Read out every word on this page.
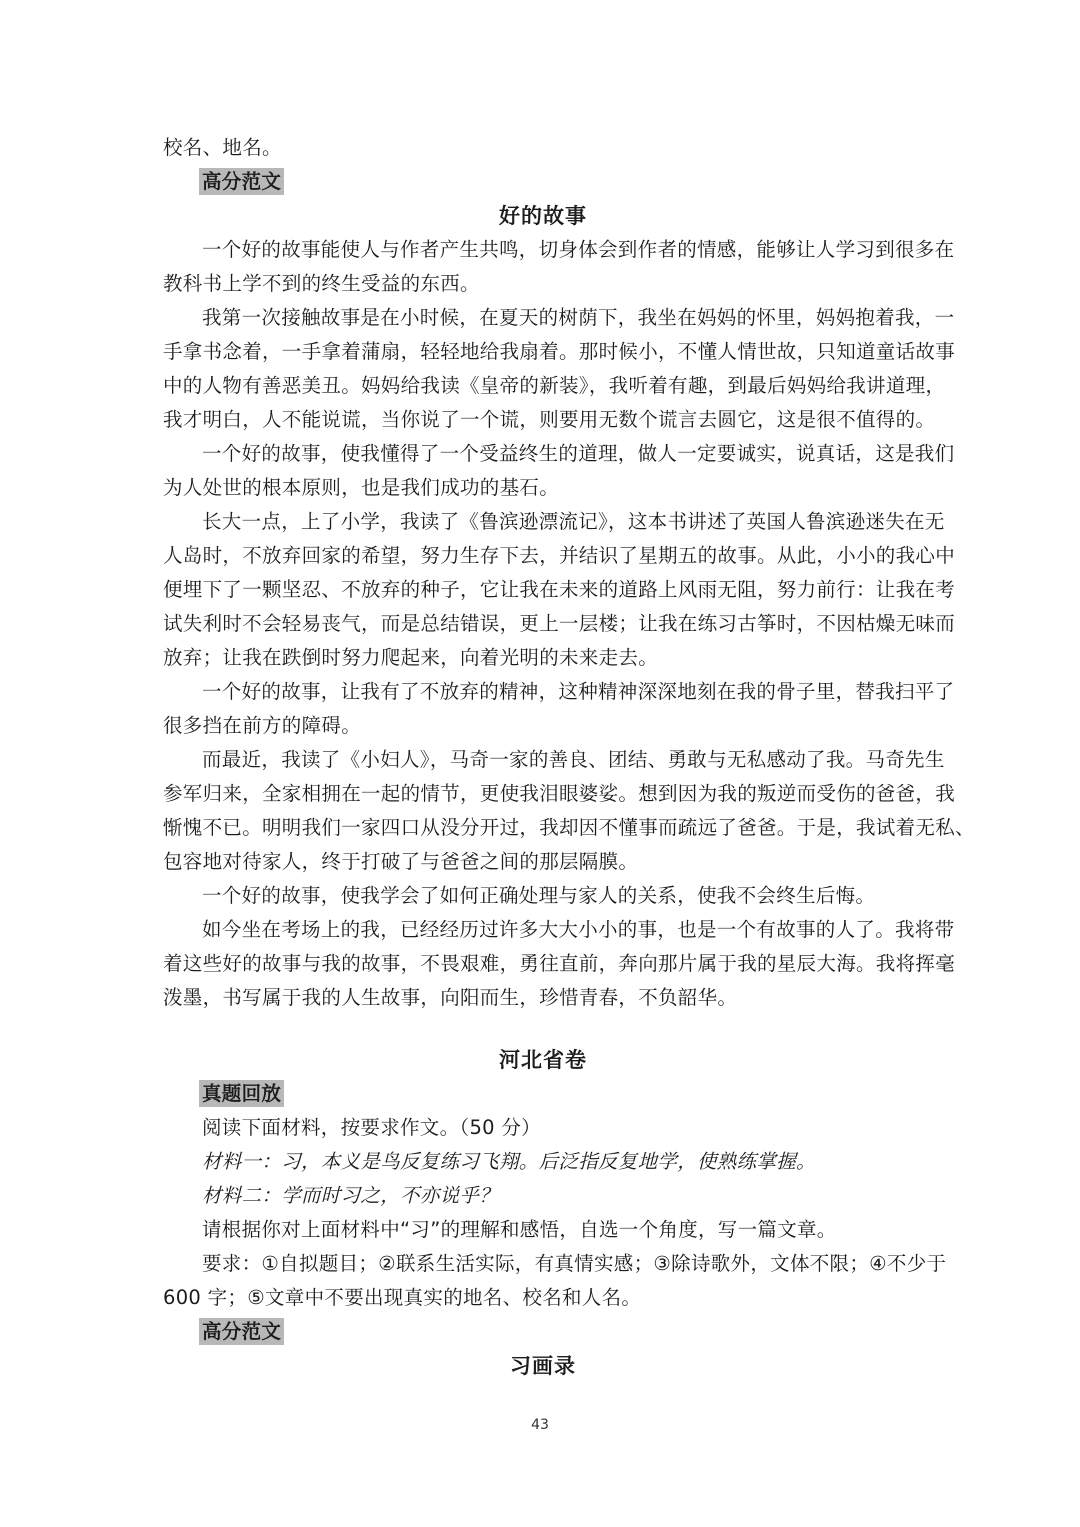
校名、地名。
高分范文
好的故事
一个好的故事能使人与作者产生共鸣，切身体会到作者的情感，能够让人学习到很多在
教科书上学不到的终生受益的东西。
我第一次接触故事是在小时候，在夏天的树荫下，我坐在妈妈的怀里，妈妈抱着我，一
手拿书念着，一手拿着蒲扇，轻轻地给我扇着。那时候小，不懂人情世故，只知道童话故事
中的人物有善恶美丑。妈妈给我读《皇帝的新装》，我听着有趣，到最后妈妈给我讲道理，
我才明白，人不能说谎，当你说了一个谎，则要用无数个谎言去圆它，这是很不值得的。
一个好的故事，使我懂得了一个受益终生的道理，做人一定要诚实，说真话，这是我们
为人处世的根本原则，也是我们成功的基石。
长大一点，上了小学，我读了《鲁滨逊漂流记》，这本书讲述了英国人鲁滨逊迷失在无
人岛时，不放弃回家的希望，努力生存下去，并结识了星期五的故事。从此，小小的我心中
便埋下了一颗坚忍、不放弃的种子，它让我在未来的道路上风雨无阻，努力前行：让我在考
试失利时不会轻易丧气，而是总结错误，更上一层楼；让我在练习古筝时，不因枯燥无味而
放弃；让我在跌倒时努力爬起来，向着光明的未来走去。
一个好的故事，让我有了不放弃的精神，这种精神深深地刻在我的骨子里，替我扫平了
很多挡在前方的障碍。
而最近，我读了《小妇人》，马奇一家的善良、团结、勇敢与无私感动了我。马奇先生
参军归来，全家相拥在一起的情节，更使我泪眼婆娑。想到因为我的叛逆而受伤的爸爸，我
惭愧不已。明明我们一家四口从没分开过，我却因不懂事而疏远了爸爸。于是，我试着无私、
包容地对待家人，终于打破了与爸爸之间的那层隔膜。
一个好的故事，使我学会了如何正确处理与家人的关系，使我不会终生后悔。
如今坐在考场上的我，已经经历过许多大大小小的事，也是一个有故事的人了。我将带
着这些好的故事与我的故事，不畏艰难，勇往直前，奔向那片属于我的星辰大海。我将挥毫
泼墨，书写属于我的人生故事，向阳而生，珍惜青春，不负韶华。
河北省卷
真题回放
阅读下面材料，按要求作文。（50 分）
材料一：习，本义是鸟反复练习飞翔。后泛指反复地学，使熟练掌握。
材料二：学而时习之，不亦说乎？
请根据你对上面材料中“习”的理解和感悟，自选一个角度，写一篇文章。
要求：①自拟题目；②联系生活实际，有真情实感；③除诗歌外，文体不限；④不少于
600 字；⑤文章中不要出现真实的地名、校名和人名。
高分范文
习画录
43
